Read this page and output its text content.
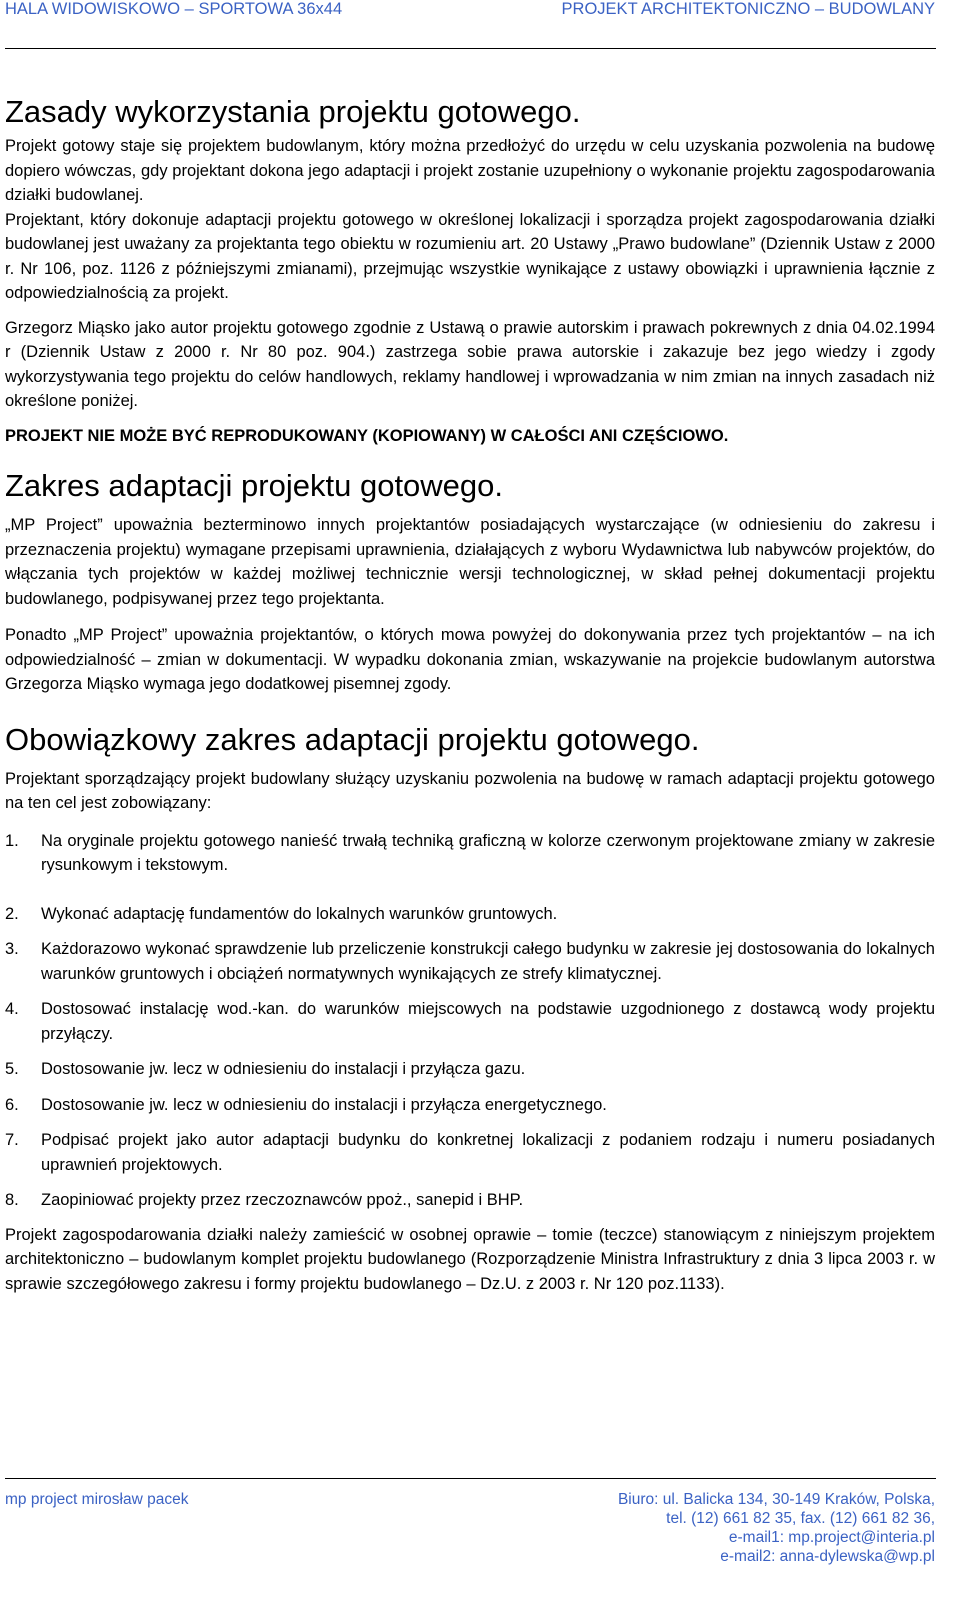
HALA WIDOWISKOWO – SPORTOWA 36x44	PROJEKT ARCHITEKTONICZNO – BUDOWLANY
Zasady wykorzystania projektu gotowego.

Projekt gotowy staje się projektem budowlanym, który można przedłożyć do urzędu w celu uzyskania pozwolenia na budowę dopiero wówczas, gdy projektant dokona jego adaptacji i projekt zostanie uzupełniony o wykonanie projektu zagospodarowania działki budowlanej.

Projektant, który dokonuje adaptacji projektu gotowego w określonej lokalizacji i sporządza projekt zagospodarowania działki budowlanej jest uważany za projektanta tego obiektu w rozumieniu art. 20 Ustawy „Prawo budowlane” (Dziennik Ustaw z 2000 r. Nr 106, poz. 1126 z późniejszymi zmianami), przejmując wszystkie wynikające z ustawy obowiązki i uprawnienia łącznie z odpowiedzialnością za projekt.

Grzegorz Miąsko jako autor projektu gotowego zgodnie z Ustawą o prawie autorskim i prawach pokrewnych z dnia 04.02.1994 r (Dziennik Ustaw z 2000 r. Nr 80 poz. 904.) zastrzega sobie prawa autorskie i zakazuje bez jego wiedzy i zgody wykorzystywania tego projektu do celów handlowych, reklamy handlowej i wprowadzania w nim zmian na innych zasadach niż określone poniżej.

PROJEKT NIE MOŻE BYĆ REPRODUKOWANY (KOPIOWANY) W CAŁOŚCI ANI CZĘŚCIOWO.

Zakres adaptacji projektu gotowego.

„MP Project” upoważnia bezterminowo innych projektantów posiadających wystarczające (w odniesieniu do zakresu i przeznaczenia projektu) wymagane przepisami uprawnienia, działających z wyboru Wydawnictwa lub nabywców projektów, do włączania tych projektów w każdej możliwej technicznie wersji technologicznej, w skład pełnej dokumentacji projektu budowlanego, podpisywanej przez tego projektanta.

Ponadto „MP Project” upoważnia projektantów, o których mowa powyżej do dokonywania przez tych projektantów – na ich odpowiedzialność – zmian w dokumentacji. W wypadku dokonania zmian, wskazywanie na projekcie budowlanym autorstwa Grzegorza Miąsko wymaga jego dodatkowej pisemnej zgody.

Obowiązkowy zakres adaptacji projektu gotowego.

Projektant sporządzający projekt budowlany służący uzyskaniu pozwolenia na budowę w ramach adaptacji projektu gotowego na ten cel jest zobowiązany:

1. Na oryginale projektu gotowego nanieść trwałą techniką graficzną w kolorze czerwonym projektowane zmiany w zakresie rysunkowym i tekstowym.
2. Wykonać adaptację fundamentów do lokalnych warunków gruntowych.
3. Każdorazowo wykonać sprawdzenie lub przeliczenie konstrukcji całego budynku w zakresie jej dostosowania do lokalnych warunków gruntowych i obciążeń normatywnych wynikających ze strefy klimatycznej.
4. Dostosować instalację wod.-kan. do warunków miejscowych na podstawie uzgodnionego z dostawcą wody projektu przyłączy.
5. Dostosowanie jw. lecz w odniesieniu do instalacji i przyłącza gazu.
6. Dostosowanie jw. lecz w odniesieniu do instalacji i przyłącza energetycznego.
7. Podpisać projekt jako autor adaptacji budynku do konkretnej lokalizacji z podaniem rodzaju i numeru posiadanych uprawnień projektowych.
8. Zaopiniować projekty przez rzeczoznawców ppoż., sanepid i BHP.

Projekt zagospodarowania działki należy zamieścić w osobnej oprawie – tomie (teczce) stanowiącym z niniejszym projektem architektoniczno – budowlanym komplet projektu budowlanego (Rozporządzenie Ministra Infrastruktury z dnia 3 lipca 2003 r. w sprawie szczegółowego zakresu i formy projektu budowlanego – Dz.U. z 2003 r. Nr 120 poz.1133).

mp project mirosław pacek	Biuro: ul. Balicka 134, 30-149 Kraków, Polska,
tel. (12) 661 82 35, fax. (12) 661 82 36,
e-mail1: mp.project@interia.pl
e-mail2: anna-dylewska@wp.pl
